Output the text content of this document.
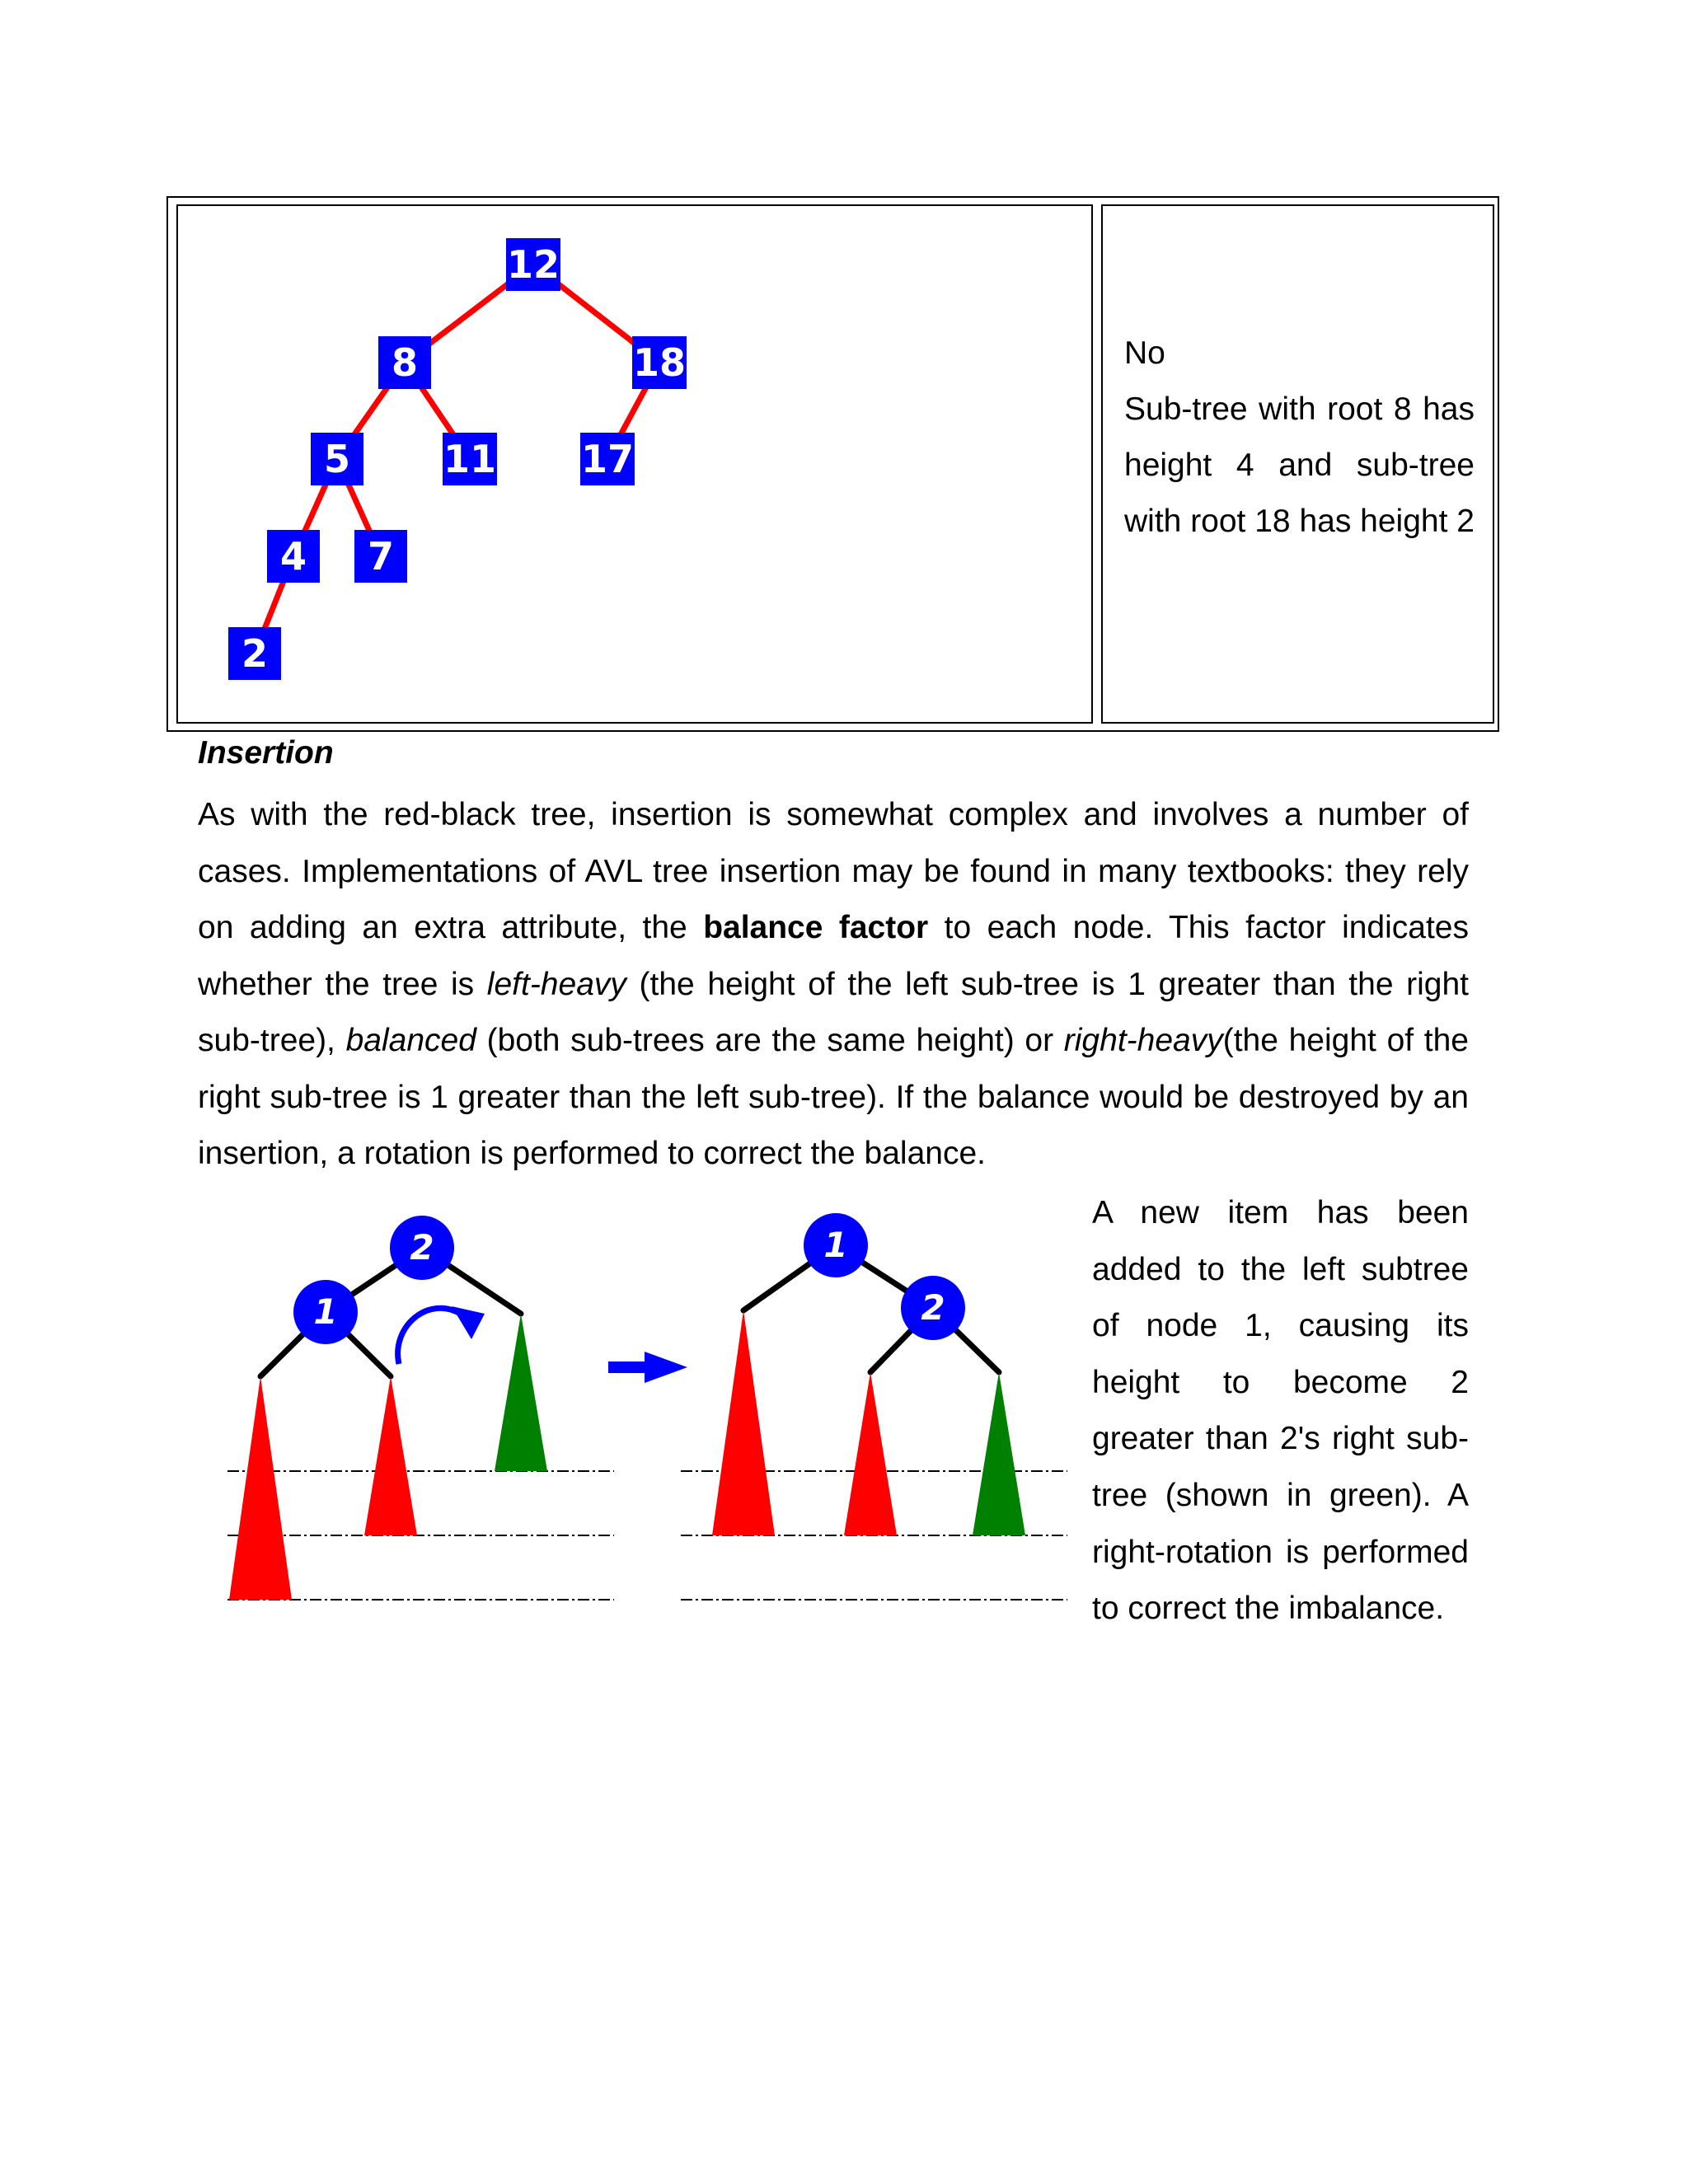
12
8	18
5 11 17
4 7
2
No
Sub-tree with root 8 has height 4 and sub-tree with root 18 has height 2
Insertion
As with the red-black tree, insertion is somewhat complex and involves a number of cases. Implementations of AVL tree insertion may be found in many textbooks: they rely on adding an extra attribute, the balance factor to each node. This factor indicates whether the tree is left-heavy (the height of the left sub-tree is 1 greater than the right sub-tree), balanced (both sub-trees are the same height) or right-heavy(the height of the right sub-tree is 1 greater than the left sub-tree). If the balance would be destroyed by an insertion, a rotation is performed to correct the balance.
2
1
1
2
A new item has been added to the left subtree of node 1, causing its height to become 2 greater than 2's right sub-tree (shown in green). A right-rotation is performed to correct the imbalance.
